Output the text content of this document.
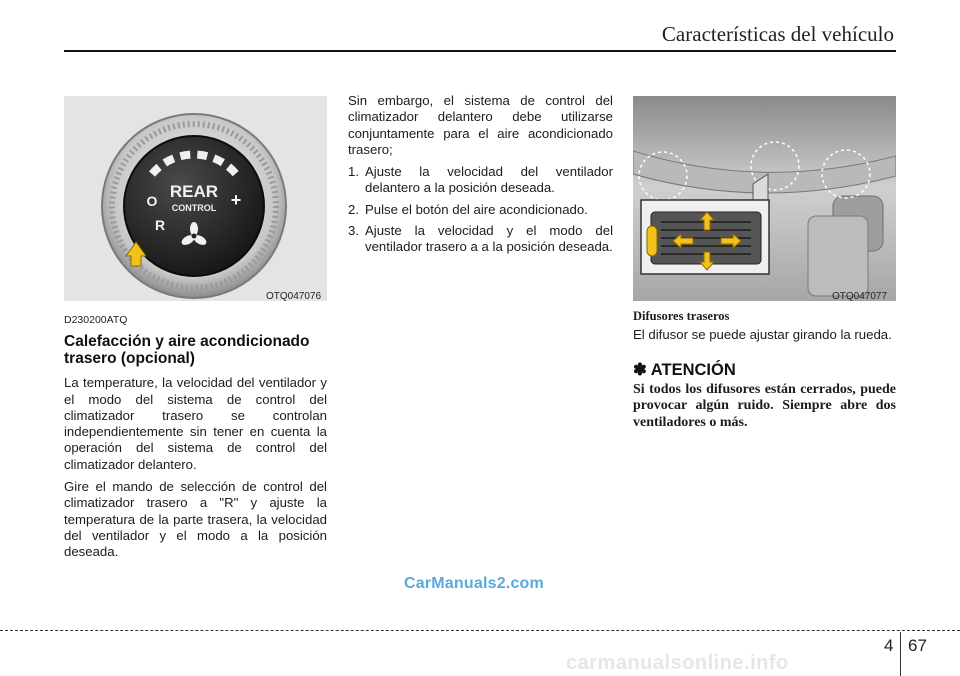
Características del vehículo
REAR
CONTROL
O
R
+
OTQ047076	OTQ047077
D230200ATQ
Calefacción y aire acondicionado trasero (opcional)

La temperature, la velocidad del ventilador y el modo del sistema de control del climatizador trasero se controlan independientemente sin tener en cuenta la operación del sistema de control del climatizador delantero.

Gire el mando de selección de control del climatizador trasero a "R" y ajuste la temperatura de la parte trasera, la velocidad del ventilador y el modo a la posición deseada.

Sin embargo, el sistema de control del climatizador delantero debe utilizarse conjuntamente para el aire acondicionado trasero;

1. Ajuste la velocidad del ventilador delantero a la posición deseada.
2. Pulse el botón del aire acondicionado.
3. Ajuste la velocidad y el modo del ventilador trasero a a la posición deseada.
Difusores traseros

El difusor se puede ajustar girando la rueda.

✽ ATENCIÓN

Si todos los difusores están cerrados, puede provocar algún ruido. Siempre abre dos ventiladores o más.

CarManuals2.com
4 67
carmanualsonline.info
